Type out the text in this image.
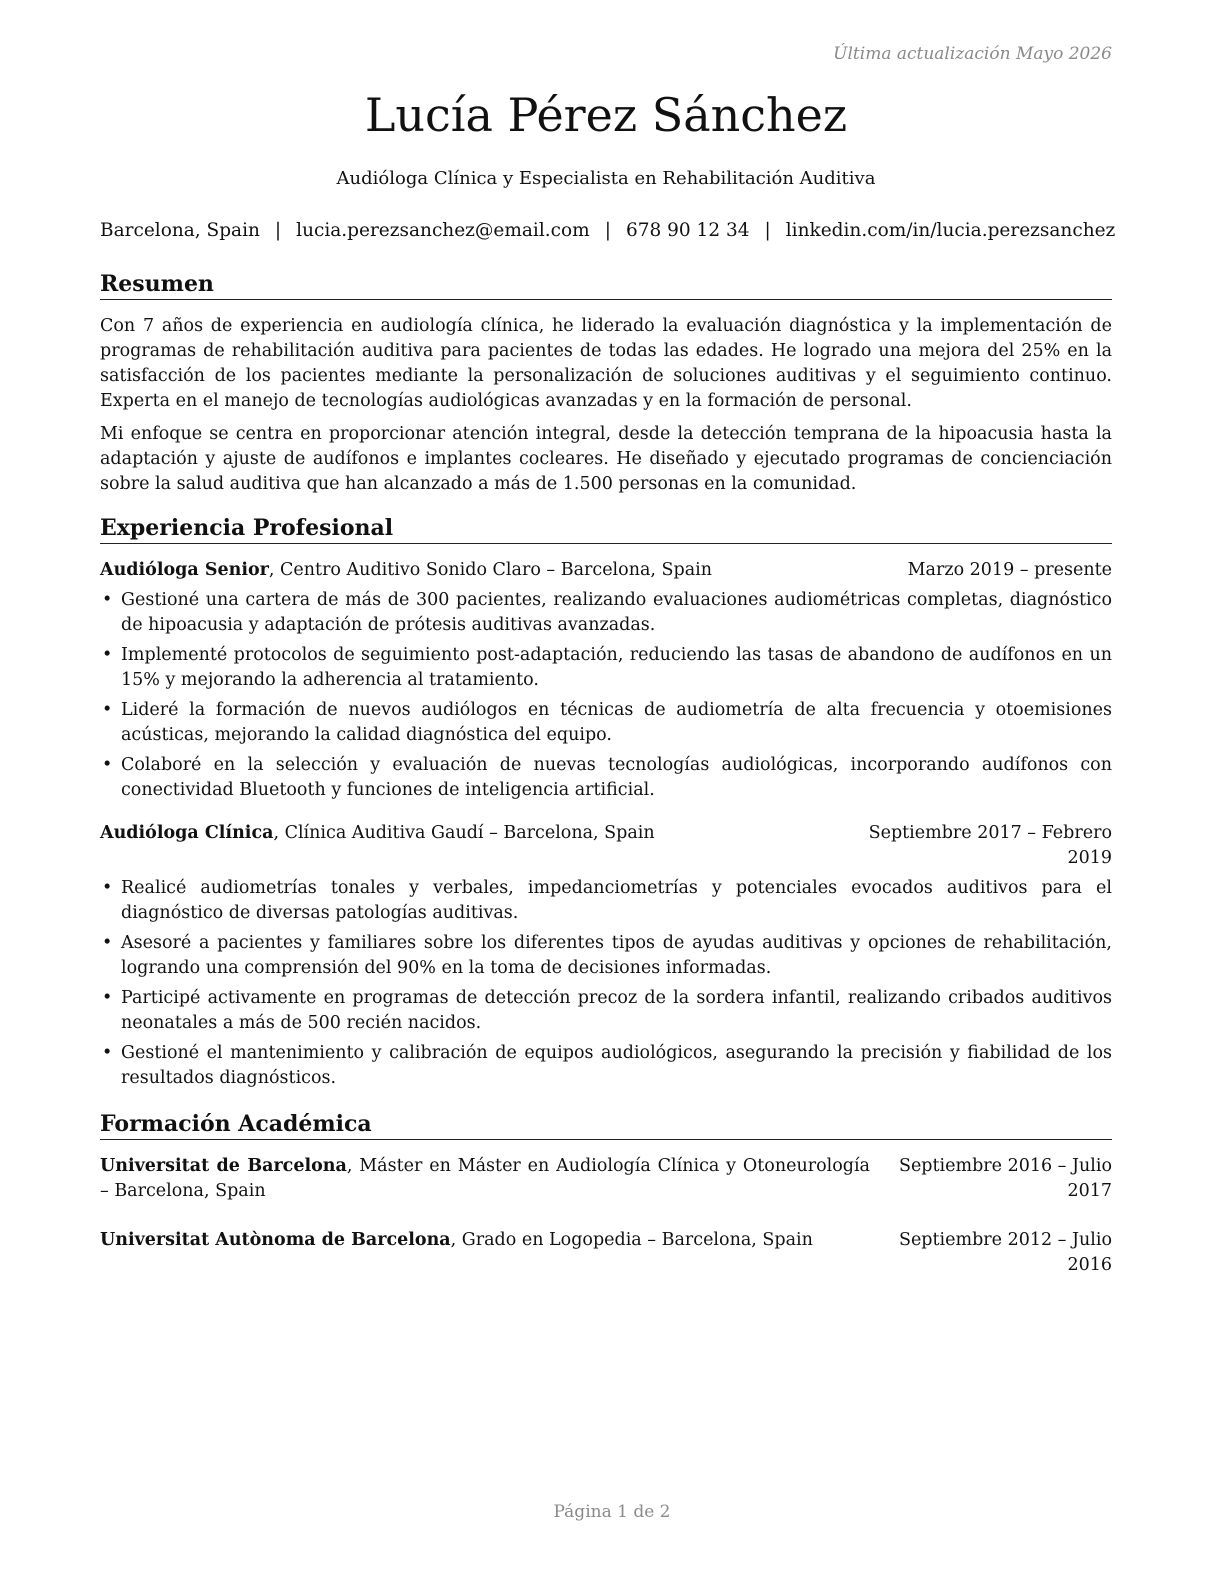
Última actualización Mayo 2026
Lucía Pérez Sánchez
Audióloga Clínica y Especialista en Rehabilitación Auditiva
Barcelona, Spain | lucia.perezsanchez@email.com | 678 90 12 34 | linkedin.com/in/lucia.perezsanchez
Resumen

Con 7 años de experiencia en audiología clínica, he liderado la evaluación diagnóstica y la implementación de programas de rehabilitación auditiva para pacientes de todas las edades. He logrado una mejora del 25% en la satisfacción de los pacientes mediante la personalización de soluciones auditivas y el seguimiento continuo. Experta en el manejo de tecnologías audiológicas avanzadas y en la formación de personal.

Mi enfoque se centra en proporcionar atención integral, desde la detección temprana de la hipoacusia hasta la adaptación y ajuste de audífonos e implantes cocleares. He diseñado y ejecutado programas de concienciación sobre la salud auditiva que han alcanzado a más de 1.500 personas en la comunidad.

Experiencia Profesional
Audióloga Senior, Centro Auditivo Sonido Claro – Barcelona, Spain	Marzo 2019 – presente
• Gestioné una cartera de más de 300 pacientes, realizando evaluaciones audiométricas completas, diagnóstico de hipoacusia y adaptación de prótesis auditivas avanzadas.
• Implementé protocolos de seguimiento post-adaptación, reduciendo las tasas de abandono de audífonos en un 15% y mejorando la adherencia al tratamiento.
• Lideré la formación de nuevos audiólogos en técnicas de audiometría de alta frecuencia y otoemisiones acústicas, mejorando la calidad diagnóstica del equipo.
• Colaboré en la selección y evaluación de nuevas tecnologías audiológicas, incorporando audífonos con conectividad Bluetooth y funciones de inteligencia artificial.
Audióloga Clínica, Clínica Auditiva Gaudí – Barcelona, Spain	Septiembre 2017 – Febrero
2019
• Realicé audiometrías tonales y verbales, impedanciometrías y potenciales evocados auditivos para el diagnóstico de diversas patologías auditivas.
• Asesoré a pacientes y familiares sobre los diferentes tipos de ayudas auditivas y opciones de rehabilitación, logrando una comprensión del 90% en la toma de decisiones informadas.
• Participé activamente en programas de detección precoz de la sordera infantil, realizando cribados auditivos neonatales a más de 500 recién nacidos.
• Gestioné el mantenimiento y calibración de equipos audiológicos, asegurando la precisión y fiabilidad de los resultados diagnósticos.
Formación Académica
Universitat de Barcelona, Máster en Máster en Audiología Clínica y Otoneurología – Barcelona, Spain
Septiembre 2016 – Julio
2017
Universitat Autònoma de Barcelona, Grado en Logopedia – Barcelona, Spain	Septiembre 2012 – Julio
2016
Página 1 de 2
